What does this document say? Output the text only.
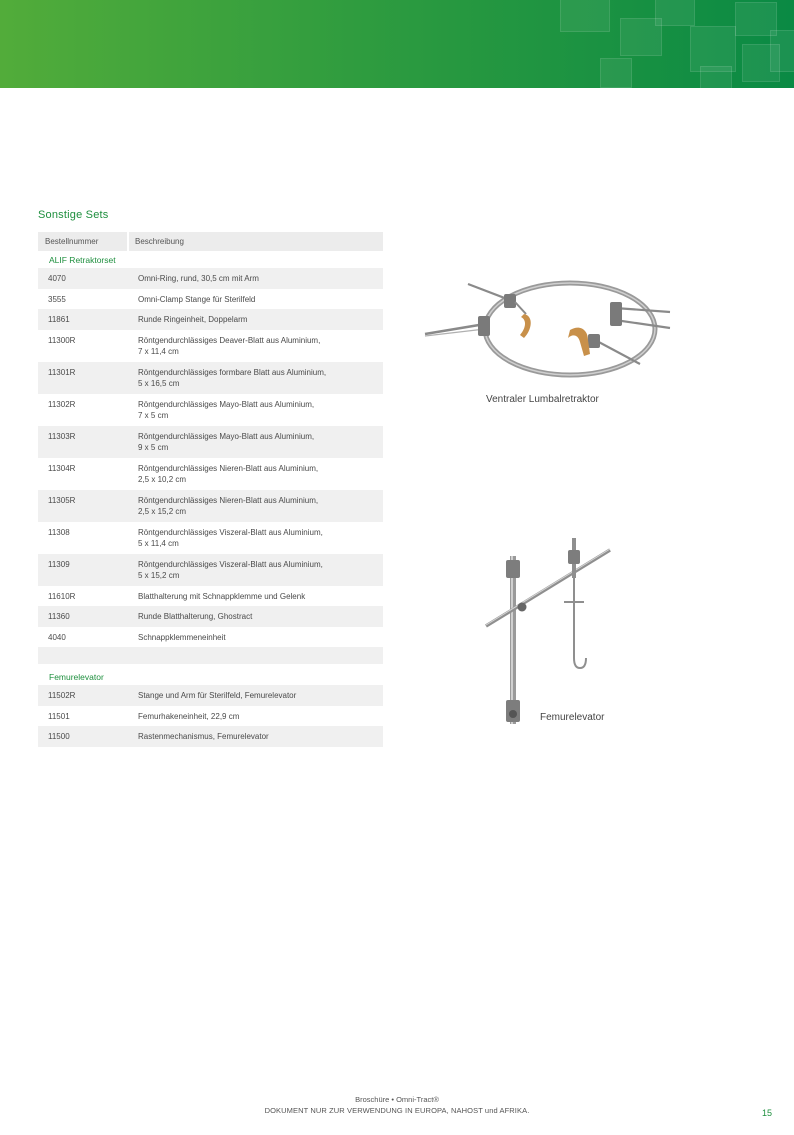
Sonstige Sets
Bestellnummer	Beschreibung
ALIF Retraktorset	
4070	Omni-Ring, rund, 30,5 cm mit Arm

3555	Omni-Clamp Stange für Sterilfeld

11861	Runde Ringeinheit, Doppelarm

11300R	Röntgendurchlässiges Deaver-Blatt aus Aluminium,
7 x 11,4 cm

11301R	Röntgendurchlässiges formbare Blatt aus Aluminium,
5 x 16,5 cm

11302R	Röntgendurchlässiges Mayo-Blatt aus Aluminium,
7 x 5 cm

11303R	Röntgendurchlässiges Mayo-Blatt aus Aluminium,
9 x 5 cm

11304R	Röntgendurchlässiges Nieren-Blatt aus Aluminium,
2,5 x 10,2 cm

11305R	Röntgendurchlässiges Nieren-Blatt aus Aluminium,
2,5 x 15,2 cm

11308	Röntgendurchlässiges Viszeral-Blatt aus Aluminium,
5 x 11,4 cm

11309	Röntgendurchlässiges Viszeral-Blatt aus Aluminium,
5 x 15,2 cm

11610R	Blatthalterung mit Schnappklemme und Gelenk

11360	Runde Blatthalterung, Ghostract

4040	Schnappklemmeneinheit

Femurelevator	
11502R	Stange und Arm für Sterilfeld, Femurelevator

11501	Femurhakeneinheit, 22,9 cm

11500	Rastenmechanismus, Femurelevator
Ventraler Lumbalretraktor
Femurelevator
Broschüre • Omni-Tract®
DOKUMENT NUR ZUR VERWENDUNG IN EUROPA, NAHOST und AFRIKA.	15
